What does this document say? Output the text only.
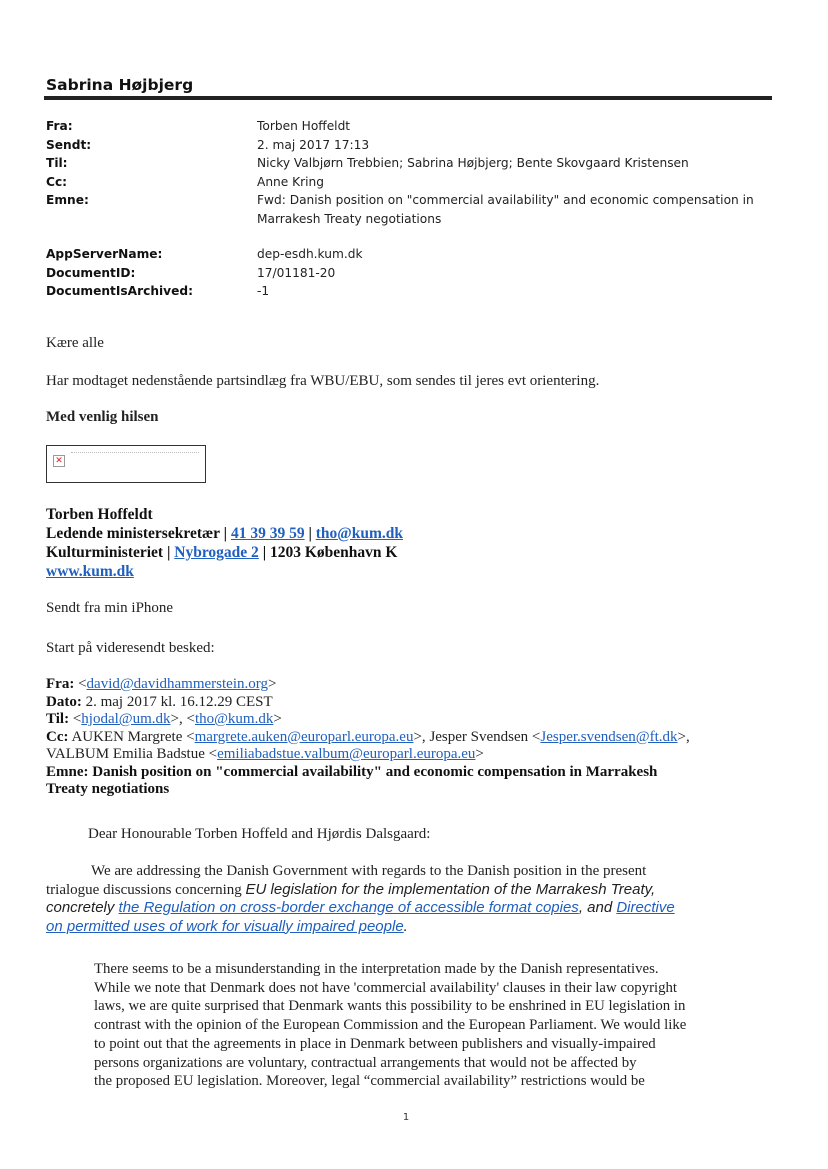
Sabrina Højbjerg
Fra:	Torben Hoffeldt
Sendt:	2. maj 2017 17:13
Til:	Nicky Valbjørn Trebbien; Sabrina Højbjerg; Bente Skovgaard Kristensen
Cc:	Anne Kring
Emne:	Fwd: Danish position on "commercial availability" and economic compensation in
Marrakesh Treaty negotiations
AppServerName:	dep-esdh.kum.dk
DocumentID:	17/01181-20
DocumentIsArchived:	-1
Kære alle
Har modtaget nedenstående partsindlæg fra WBU/EBU, som sendes til jeres evt orientering.
Med venlig hilsen
✕
Torben Hoffeldt
Ledende ministersekretær | 41 39 39 59 | tho@kum.dk
Kulturministeriet | Nybrogade 2 | 1203 København K
www.kum.dk
Sendt fra min iPhone
Start på videresendt besked:
Fra: <david@davidhammerstein.org>
Dato: 2. maj 2017 kl. 16.12.29 CEST
Til: <hjodal@um.dk>, <tho@kum.dk>
Cc: AUKEN Margrete <margrete.auken@europarl.europa.eu>, Jesper Svendsen <Jesper.svendsen@ft.dk>,
VALBUM Emilia Badstue <emiliabadstue.valbum@europarl.europa.eu>
Emne: Danish position on "commercial availability" and economic compensation in Marrakesh
Treaty negotiations
Dear Honourable Torben Hoffeld and Hjørdis Dalsgaard:
We are addressing the Danish Government with regards to the Danish position in the present
trialogue discussions concerning EU legislation for the implementation of the Marrakesh Treaty,
concretely the Regulation on cross-border exchange of accessible format copies, and Directive
on permitted uses of work for visually impaired people.
There seems to be a misunderstanding in the interpretation made by the Danish representatives.
While we note that Denmark does not have 'commercial availability' clauses in their law copyright
laws, we are quite surprised that Denmark wants this possibility to be enshrined in EU legislation in
contrast with the opinion of the European Commission and the European Parliament. We would like
to point out that the agreements in place in Denmark between publishers and visually-impaired
persons organizations are voluntary, contractual arrangements that would not be affected by
the proposed EU legislation. Moreover, legal “commercial availability” restrictions would be
1
